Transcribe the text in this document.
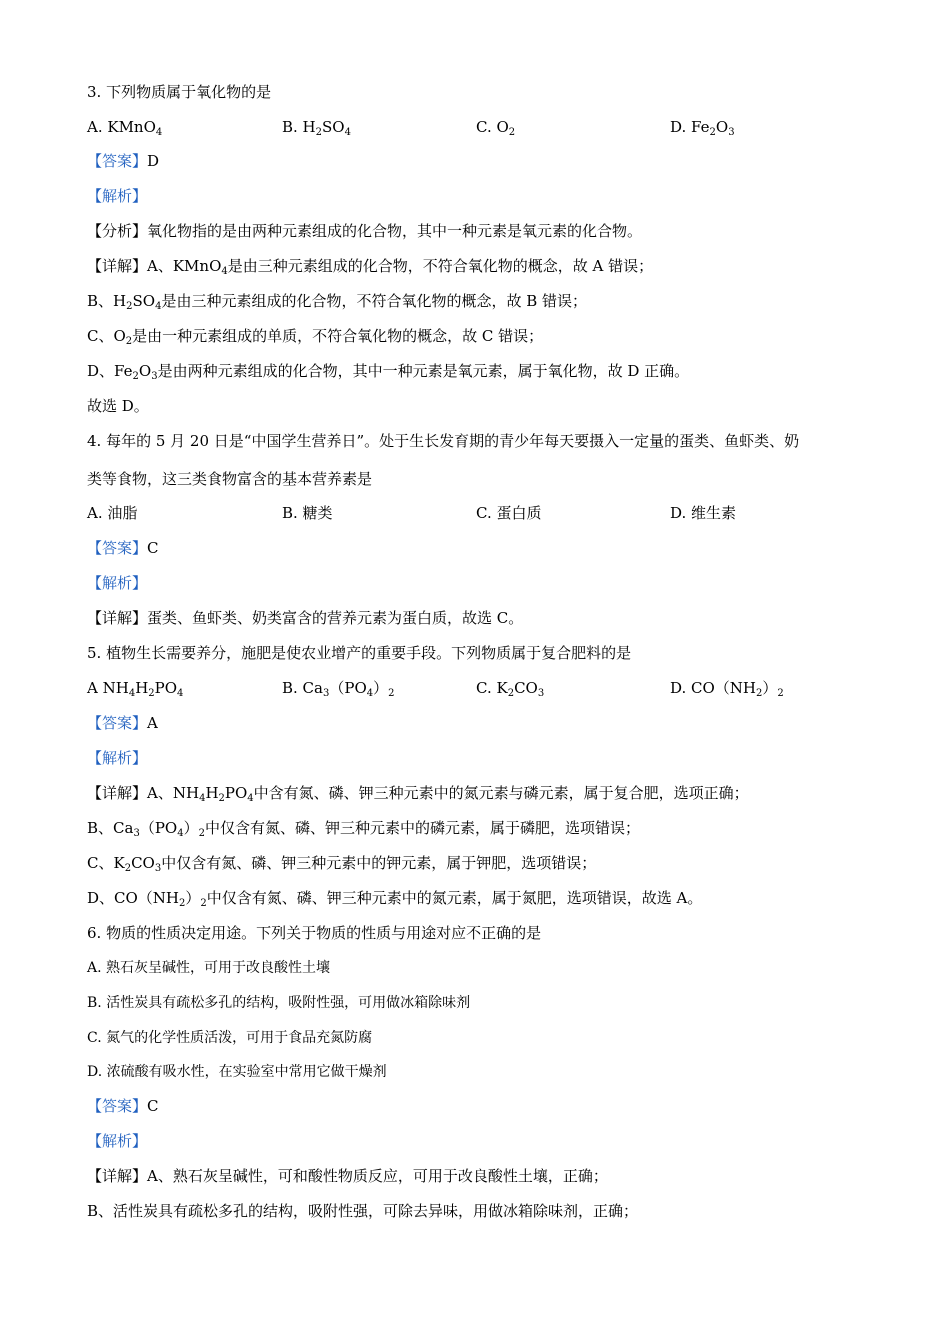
3. 下列物质属于氧化物的是
A. KMnO$_4$	B. $H_2SO_4$	C. $O_2$	D. $Fe_2O_3$
【答案】D
【解析】
【分析】氧化物指的是由两种元素组成的化合物，其中一种元素是氧元素的化合物。
【详解】A、KMnO$_4$是由三种元素组成的化合物，不符合氧化物的概念，故 A 错误；
B、$H_2SO_4$是由三种元素组成的化合物，不符合氧化物的概念，故 B 错误；
C、$O_2$是由一种元素组成的单质，不符合氧化物的概念，故 C 错误；
D、$Fe_2O_3$是由两种元素组成的化合物，其中一种元素是氧元素，属于氧化物，故 D 正确。
故选 D。
4. 每年的 5 月 20 日是“中国学生营养日”。处于生长发育期的青少年每天要摄入一定量的蛋类、鱼虾类、奶
类等食物，这三类食物富含的基本营养素是
A. 油脂	B. 糖类	C. 蛋白质	D. 维生素
【答案】C
【解析】
【详解】蛋类、鱼虾类、奶类富含的营养元素为蛋白质，故选 C。
5. 植物生长需要养分，施肥是使农业增产的重要手段。下列物质属于复合肥料的是
A $NH_4H_2PO_4$	B. $Ca_3(PO_4)_2$	C. $K_2CO_3$	D. $CO(NH_2)_2$
【答案】A
【解析】
【详解】A、$NH_4H_2PO_4$中含有氮、磷、钾三种元素中的氮元素与磷元素，属于复合肥，选项正确；
B、$Ca_3(PO_4)_2$中仅含有氮、磷、钾三种元素中的磷元素，属于磷肥，选项错误；
C、$K_2CO_3$中仅含有氮、磷、钾三种元素中的钾元素，属于钾肥，选项错误；
D、$CO(NH_2)_2$中仅含有氮、磷、钾三种元素中的氮元素，属于氮肥，选项错误，故选 A。
6. 物质的性质决定用途。下列关于物质的性质与用途对应不正确的是
A. 熟石灰呈碱性，可用于改良酸性土壤
B. 活性炭具有疏松多孔的结构，吸附性强，可用做冰箱除味剂
C. 氮气的化学性质活泼，可用于食品充氮防腐
D. 浓硫酸有吸水性，在实验室中常用它做干燥剂
【答案】C
【解析】
【详解】A、熟石灰呈碱性，可和酸性物质反应，可用于改良酸性土壤，正确；
B、活性炭具有疏松多孔的结构，吸附性强，可除去异味，用做冰箱除味剂，正确；
